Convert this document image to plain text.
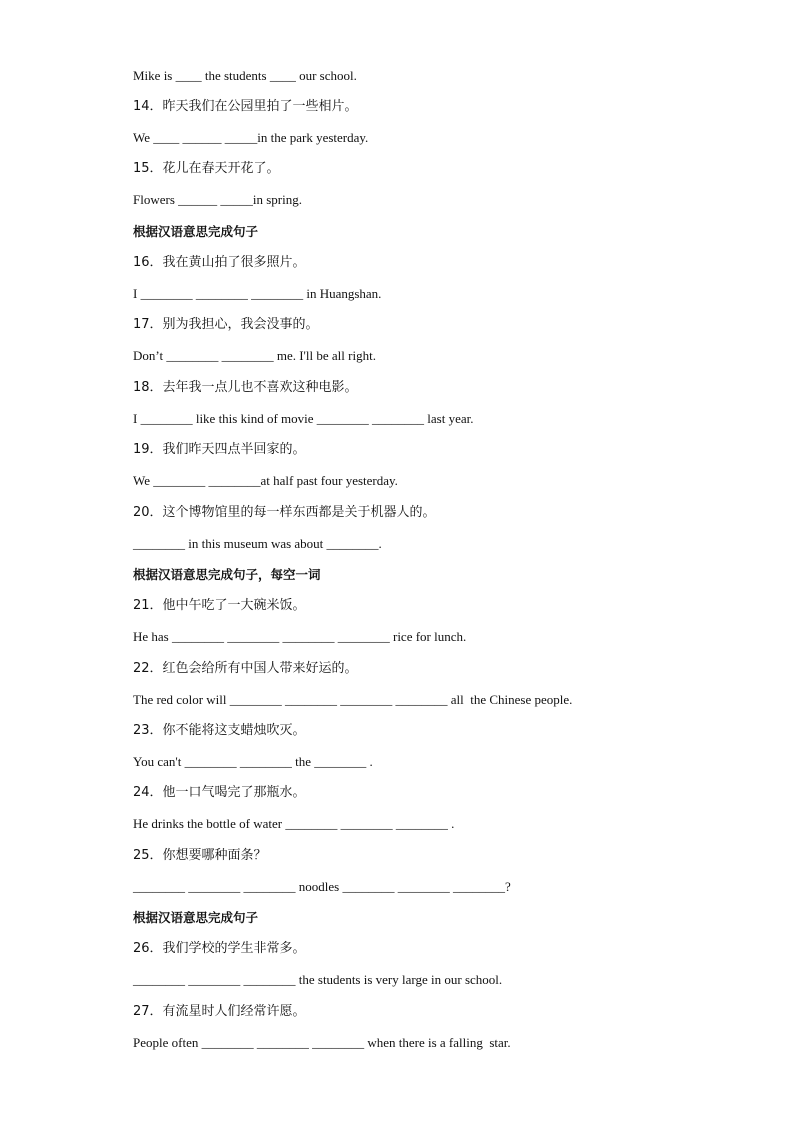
Mike is ____ the students ____ our school.
14．昨天我们在公园里拍了一些相片。
We ____ ______ _____in the park yesterday.
15．花儿在春天开花了。
Flowers ______ _____in spring.
根据汉语意思完成句子
16．我在黄山拍了很多照片。
I ________ ________ ________ in Huangshan.
17．别为我担心，我会没事的。
Don’t ________ ________ me. I'll be all right.
18．去年我一点儿也不喜欢这种电影。
I ________ like this kind of movie ________ ________ last year.
19．我们昨天四点半回家的。
We ________ ________at half past four yesterday.
20．这个博物馆里的每一样东西都是关于机器人的。
________ in this museum was about ________.
根据汉语意思完成句子，每空一词
21．他中午吃了一大碗米饭。
He has ________ ________ ________ ________ rice for lunch.
22．红色会给所有中国人带来好运的。
The red color will ________ ________ ________ ________ all  the Chinese people.
23．你不能将这支蜡烛吹灭。
You can't ________ ________ the ________ .
24．他一口气喝完了那瓶水。
He drinks the bottle of water ________ ________ ________ .
25．你想要哪种面条？
________ ________ ________ noodles ________ ________ ________?
根据汉语意思完成句子
26．我们学校的学生非常多。
________ ________ ________ the students is very large in our school.
27．有流星时人们经常许愿。
People often ________ ________ ________ when there is a falling  star.
